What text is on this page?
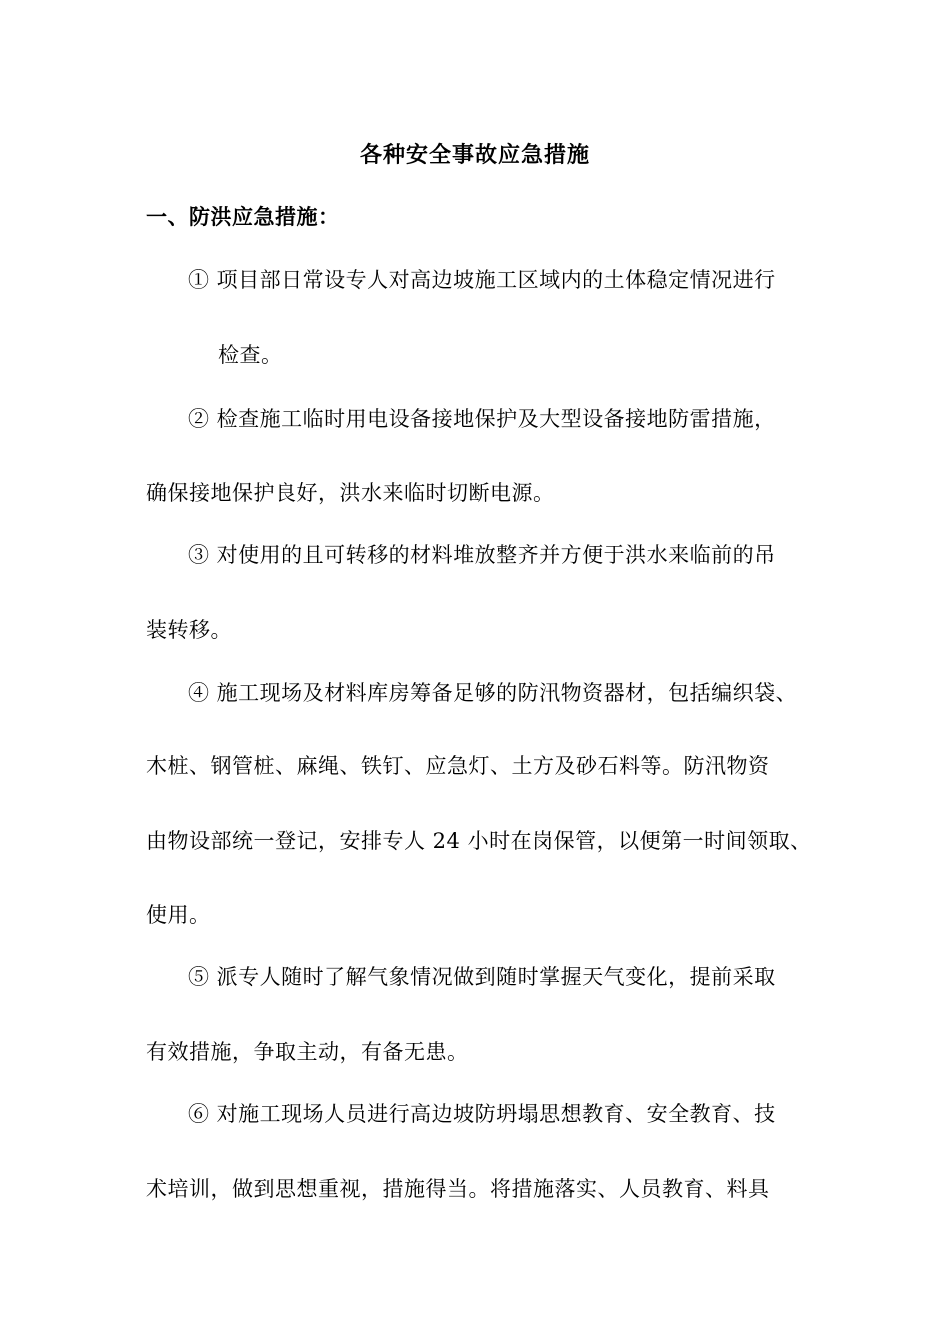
各种安全事故应急措施
一、防洪应急措施：
① 项目部日常设专人对高边坡施工区域内的土体稳定情况进行
检查。
② 检查施工临时用电设备接地保护及大型设备接地防雷措施，
确保接地保护良好，洪水来临时切断电源。
③ 对使用的且可转移的材料堆放整齐并方便于洪水来临前的吊
装转移。
④ 施工现场及材料库房筹备足够的防汛物资器材，包括编织袋、
木桩、钢管桩、麻绳、铁钉、应急灯、土方及砂石料等。防汛物资
由物设部统一登记，安排专人 24 小时在岗保管，以便第一时间领取、
使用。
⑤ 派专人随时了解气象情况做到随时掌握天气变化，提前采取
有效措施，争取主动，有备无患。
⑥ 对施工现场人员进行高边坡防坍塌思想教育、安全教育、技
术培训，做到思想重视，措施得当。将措施落实、人员教育、料具
